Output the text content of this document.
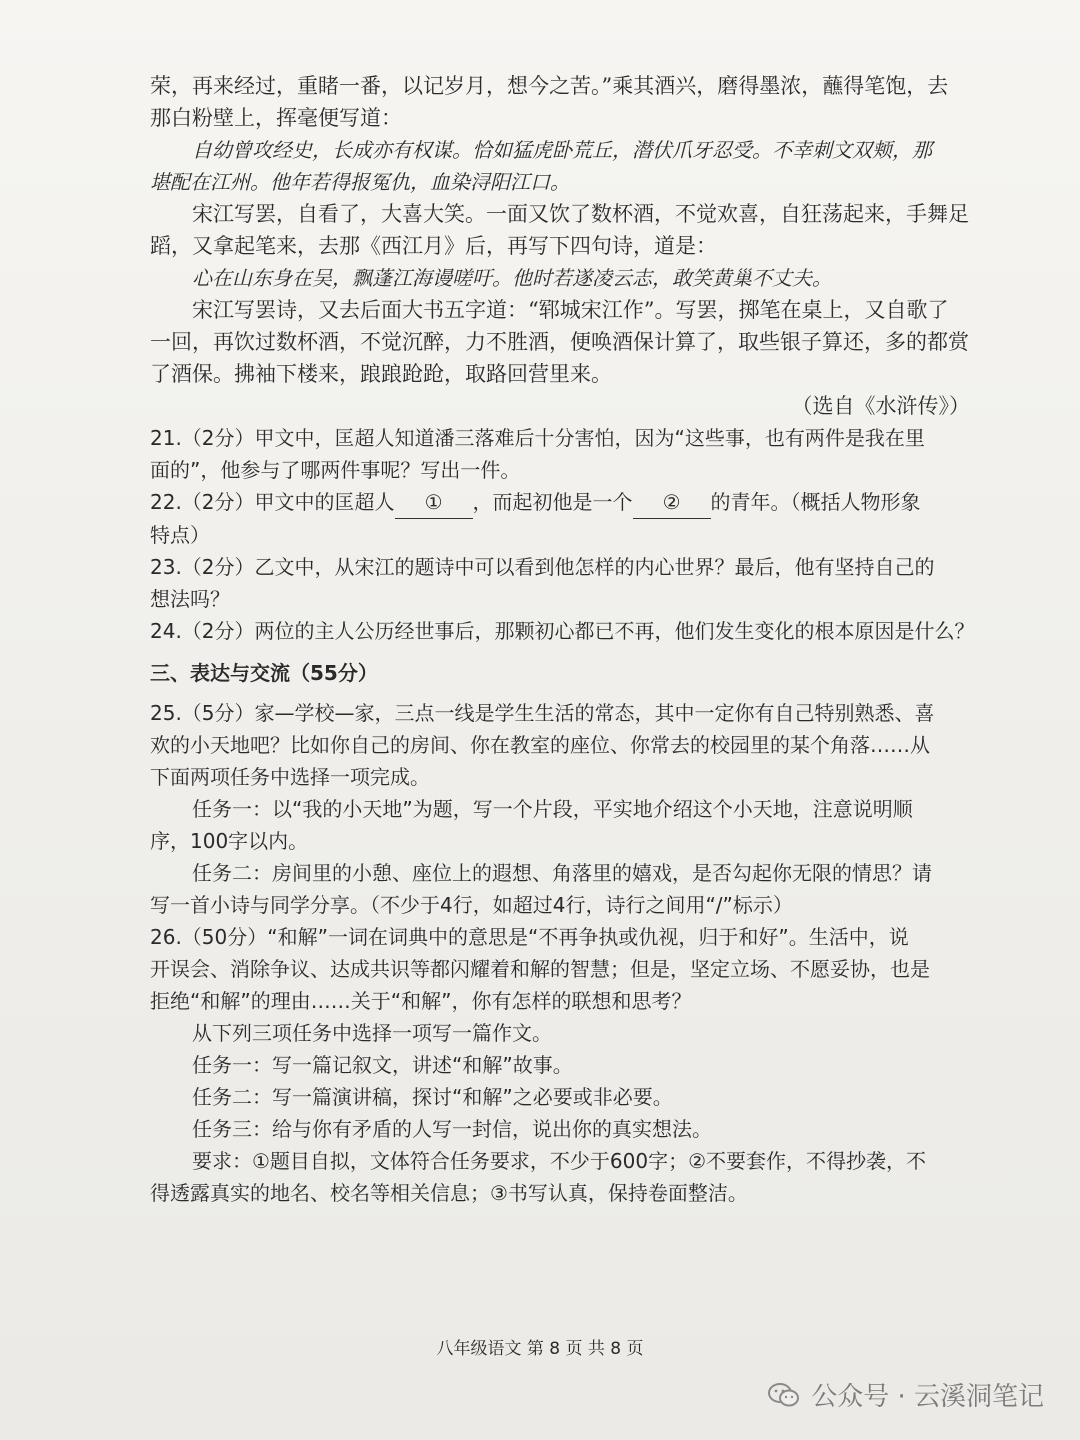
荣，再来经过，重睹一番，以记岁月，想今之苦。”乘其酒兴，磨得墨浓，蘸得笔饱，去

那白粉壁上，挥毫便写道：

自幼曾攻经史，长成亦有权谋。恰如猛虎卧荒丘，潜伏爪牙忍受。不幸刺文双颊，那

堪配在江州。他年若得报冤仇，血染浔阳江口。

宋江写罢，自看了，大喜大笑。一面又饮了数杯酒，不觉欢喜，自狂荡起来，手舞足

蹈，又拿起笔来，去那《西江月》后，再写下四句诗，道是：

心在山东身在吴，飘蓬江海谩嗟吁。他时若遂凌云志，敢笑黄巢不丈夫。

宋江写罢诗，又去后面大书五字道：“郓城宋江作”。写罢，掷笔在桌上，又自歌了

一回，再饮过数杯酒，不觉沉醉，力不胜酒，便唤酒保计算了，取些银子算还，多的都赏

了酒保。拂袖下楼来，踉踉跄跄，取路回营里来。

（选自《水浒传》）

21.（2分）甲文中，匡超人知道潘三落难后十分害怕，因为“这些事，也有两件是我在里

面的”，他参与了哪两件事呢？写出一件。

22.（2分）甲文中的匡超人 ① ，而起初他是一个 ② 的青年。（概括人物形象

特点）

23.（2分）乙文中，从宋江的题诗中可以看到他怎样的内心世界？最后，他有坚持自己的

想法吗？

24.（2分）两位的主人公历经世事后，那颗初心都已不再，他们发生变化的根本原因是什么？

三、表达与交流（55分）

25.（5分）家—学校—家，三点一线是学生生活的常态，其中一定你有自己特别熟悉、喜

欢的小天地吧？比如你自己的房间、你在教室的座位、你常去的校园里的某个角落……从

下面两项任务中选择一项完成。

任务一：以“我的小天地”为题，写一个片段，平实地介绍这个小天地，注意说明顺

序，100字以内。

任务二：房间里的小憩、座位上的遐想、角落里的嬉戏，是否勾起你无限的情思？请

写一首小诗与同学分享。（不少于4行，如超过4行，诗行之间用“/”标示）

26.（50分）“和解”一词在词典中的意思是“不再争执或仇视，归于和好”。生活中，说

开误会、消除争议、达成共识等都闪耀着和解的智慧；但是，坚定立场、不愿妥协，也是

拒绝“和解”的理由……关于“和解”，你有怎样的联想和思考？

从下列三项任务中选择一项写一篇作文。

任务一：写一篇记叙文，讲述“和解”故事。

任务二：写一篇演讲稿，探讨“和解”之必要或非必要。

任务三：给与你有矛盾的人写一封信，说出你的真实想法。

要求：①题目自拟，文体符合任务要求，不少于600字；②不要套作，不得抄袭，不

得透露真实的地名、校名等相关信息；③书写认真，保持卷面整洁。

八年级语文 第 8 页 共 8 页
公众号 · 云溪洞笔记
